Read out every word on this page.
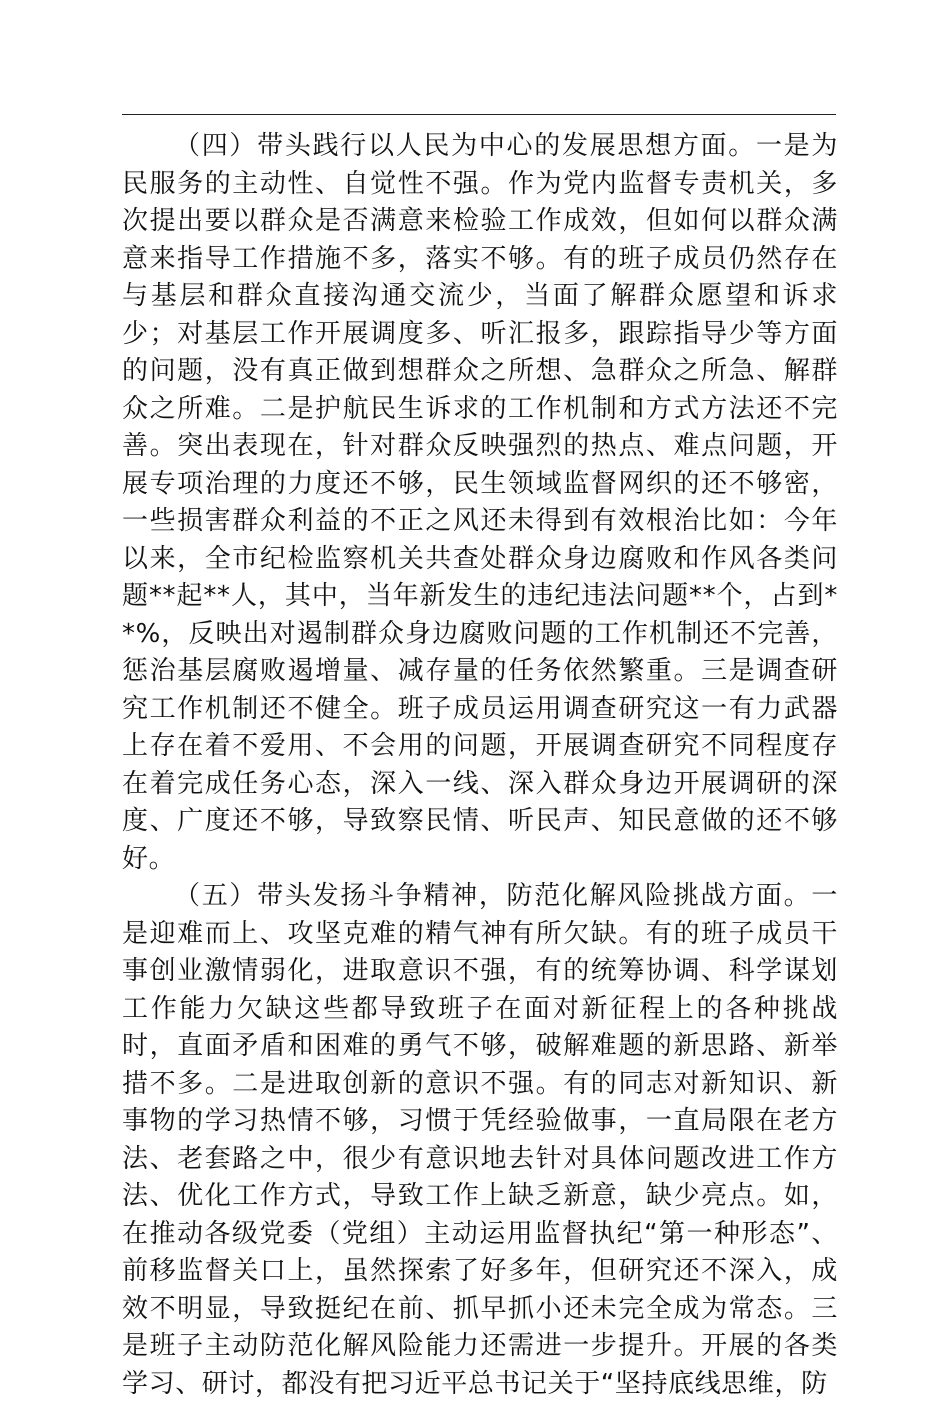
（四）带头践行以人民为中心的发展思想方面。一是为民服务的主动性、自觉性不强。作为党内监督专责机关，多次提出要以群众是否满意来检验工作成效，但如何以群众满意来指导工作措施不多，落实不够。有的班子成员仍然存在与基层和群众直接沟通交流少，当面了解群众愿望和诉求少；对基层工作开展调度多、听汇报多，跟踪指导少等方面的问题，没有真正做到想群众之所想、急群众之所急、解群众之所难。二是护航民生诉求的工作机制和方式方法还不完善。突出表现在，针对群众反映强烈的热点、难点问题，开展专项治理的力度还不够，民生领域监督网织的还不够密，一些损害群众利益的不正之风还未得到有效根治比如：今年以来，全市纪检监察机关共查处群众身边腐败和作风各类问题**起**人，其中，当年新发生的违纪违法问题**个，占到**%，反映出对遏制群众身边腐败问题的工作机制还不完善，惩治基层腐败遏增量、减存量的任务依然繁重。三是调查研究工作机制还不健全。班子成员运用调查研究这一有力武器上存在着不爱用、不会用的问题，开展调查研究不同程度存在着完成任务心态，深入一线、深入群众身边开展调研的深度、广度还不够，导致察民情、听民声、知民意做的还不够好。

（五）带头发扬斗争精神，防范化解风险挑战方面。一是迎难而上、攻坚克难的精气神有所欠缺。有的班子成员干事创业激情弱化，进取意识不强，有的统筹协调、科学谋划工作能力欠缺这些都导致班子在面对新征程上的各种挑战时，直面矛盾和困难的勇气不够，破解难题的新思路、新举措不多。二是进取创新的意识不强。有的同志对新知识、新事物的学习热情不够，习惯于凭经验做事，一直局限在老方法、老套路之中，很少有意识地去针对具体问题改进工作方法、优化工作方式，导致工作上缺乏新意，缺少亮点。如，在推动各级党委（党组）主动运用监督执纪“第一种形态”、前移监督关口上，虽然探索了好多年，但研究还不深入，成效不明显，导致挺纪在前、抓早抓小还未完全成为常态。三是班子主动防范化解风险能力还需进一步提升。开展的各类学习、研讨，都没有把习近平总书记关于“坚持底线思维，防
